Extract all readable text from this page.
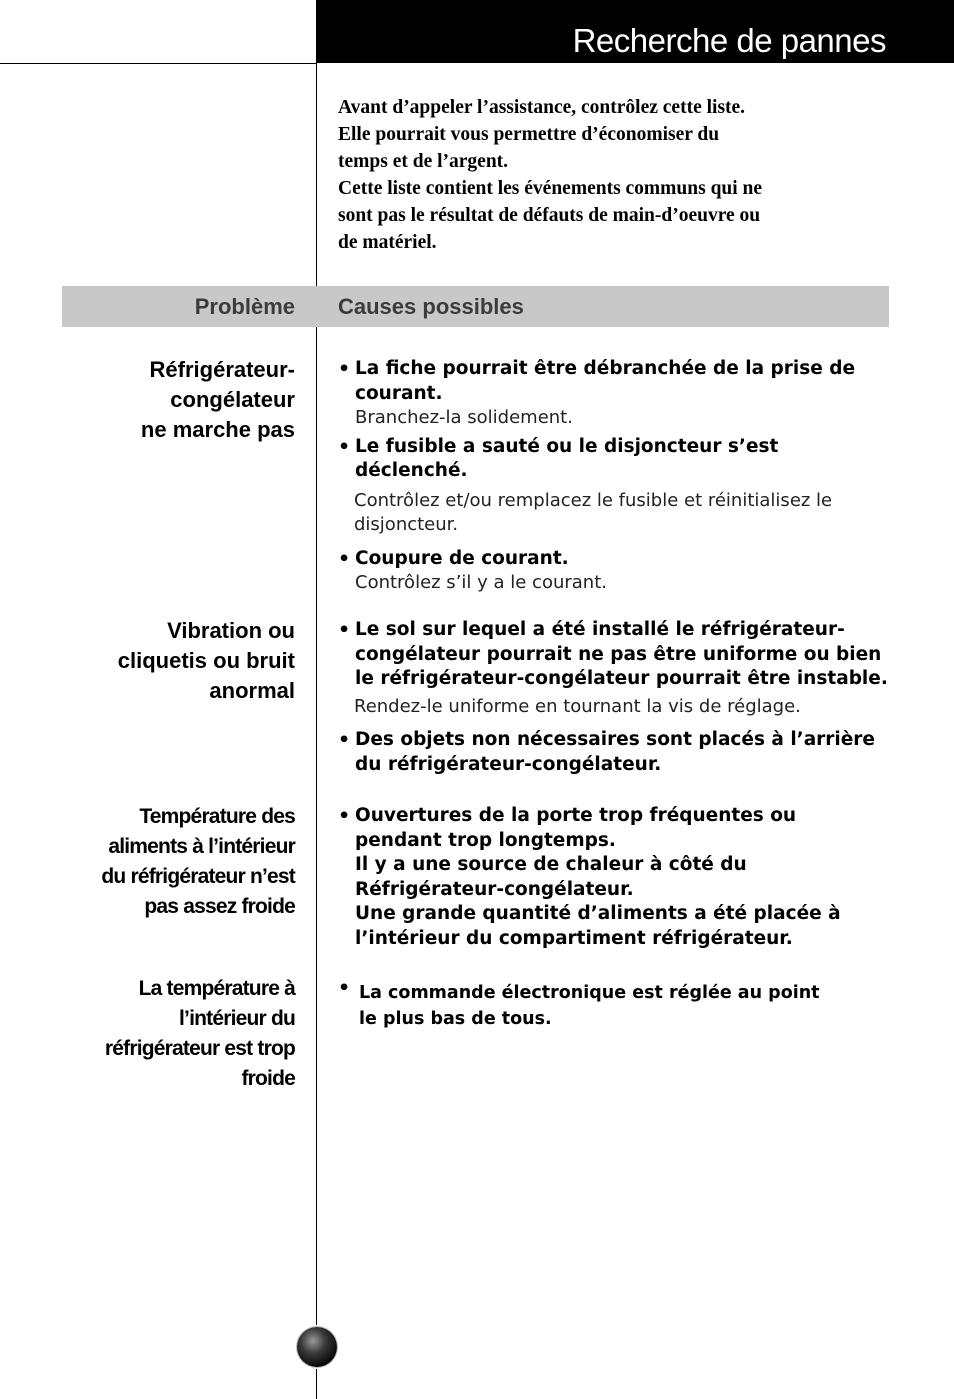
Recherche de pannes

Avant d’appeler l’assistance, contrôlez cette liste.

Elle pourrait vous permettre d’économiser du

temps et de l’argent.

Cette liste contient les événements communs qui ne

sont pas le résultat de défauts de main-d’oeuvre ou

de matériel.

Problème Causes possibles

Réfrigérateur-

congélateur

ne marche pas

• La fiche pourrait être débranchée de la prise de

courant.

Branchez-la solidement.

• Le fusible a sauté ou le disjoncteur s’est

déclenché.

Contrôlez et/ou remplacez le fusible et réinitialisez le

disjoncteur.

• Coupure de courant.

Contrôlez s’il y a le courant.

Vibration ou

cliquetis ou bruit

anormal

• Le sol sur lequel a été installé le réfrigérateur-

congélateur pourrait ne pas être uniforme ou bien

le réfrigérateur-congélateur pourrait être instable.

Rendez-le uniforme en tournant la vis de réglage.

• Des objets non nécessaires sont placés à l’arrière

du réfrigérateur-congélateur.

Température des

aliments à l’intérieur

du réfrigérateur n’est

pas assez froide

• Ouvertures de la porte trop fréquentes ou

pendant trop longtemps.

Il y a une source de chaleur à côté du

Réfrigérateur-congélateur.

Une grande quantité d’aliments a été placée à

l’intérieur du compartiment réfrigérateur.

La température à

l’intérieur du

réfrigérateur est trop

froide

• La commande électronique est réglée au point

le plus bas de tous.
